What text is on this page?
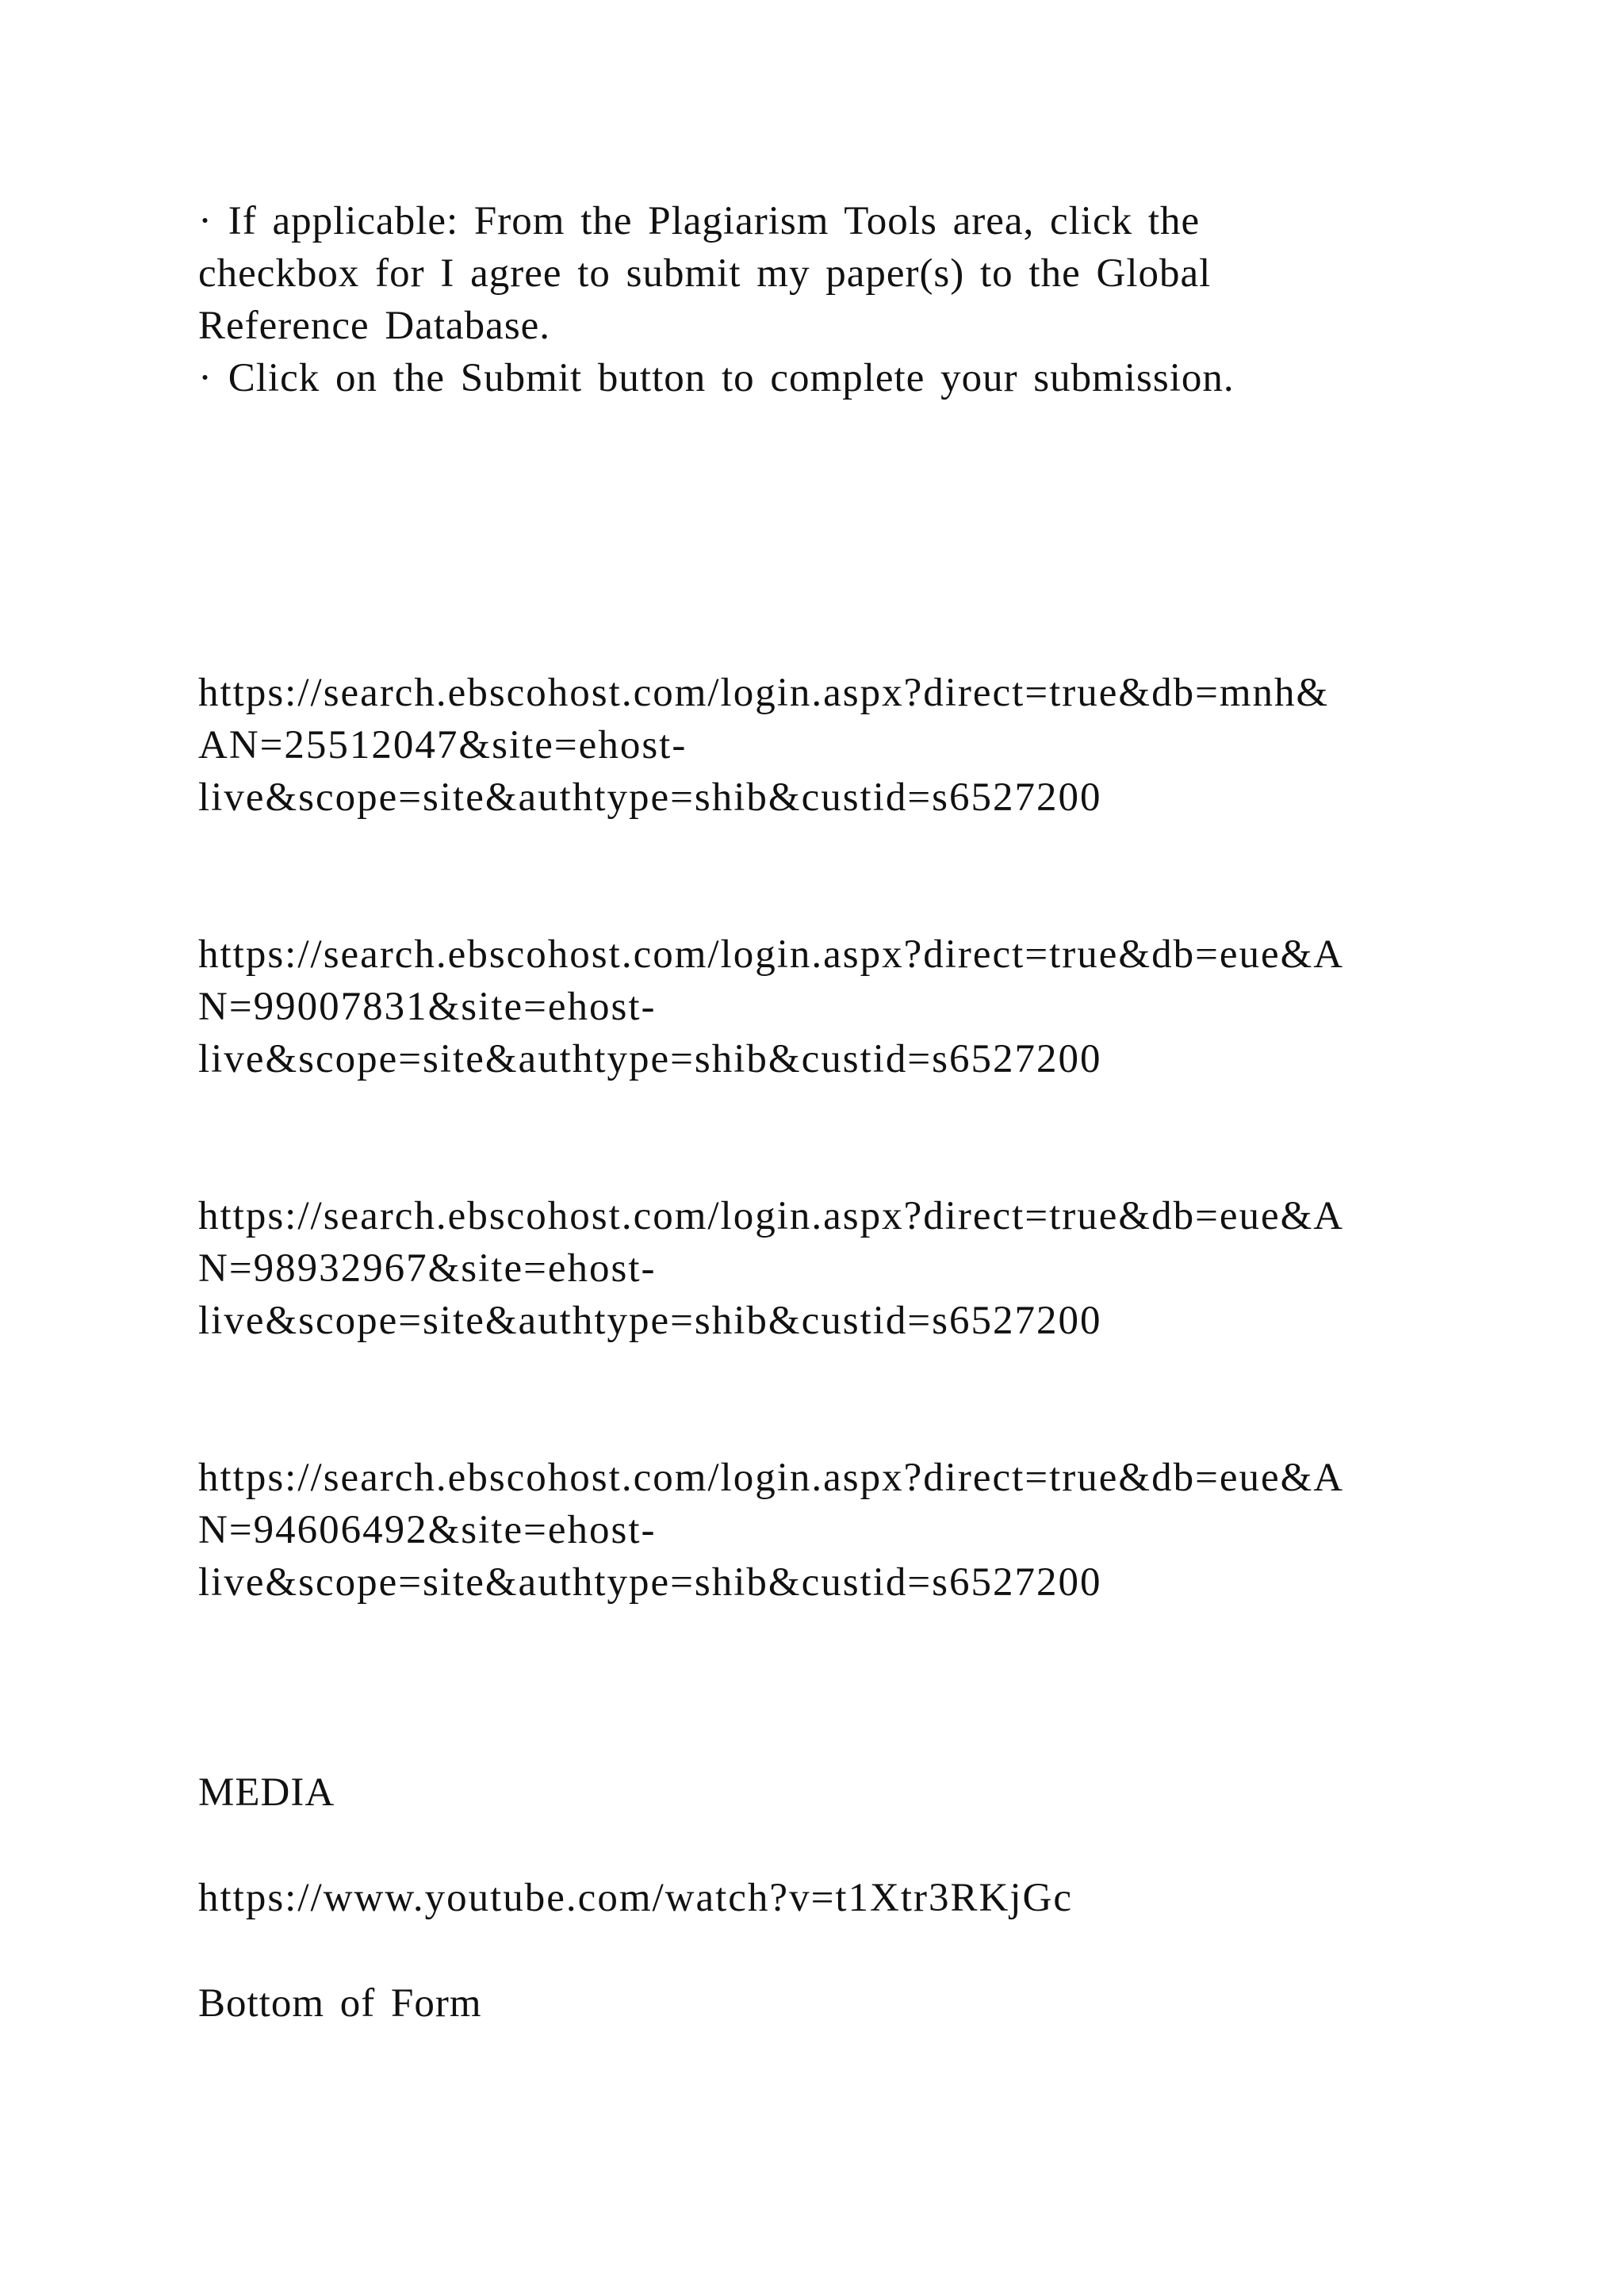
· If applicable: From the Plagiarism Tools area, click the
checkbox for I agree to submit my paper(s) to the Global
Reference Database.
· Click on the Submit button to complete your submission.
https://search.ebscohost.com/login.aspx?direct=true&db=mnh&
AN=25512047&site=ehost-
live&scope=site&authtype=shib&custid=s6527200
https://search.ebscohost.com/login.aspx?direct=true&db=eue&A
N=99007831&site=ehost-
live&scope=site&authtype=shib&custid=s6527200
https://search.ebscohost.com/login.aspx?direct=true&db=eue&A
N=98932967&site=ehost-
live&scope=site&authtype=shib&custid=s6527200
https://search.ebscohost.com/login.aspx?direct=true&db=eue&A
N=94606492&site=ehost-
live&scope=site&authtype=shib&custid=s6527200
MEDIA
https://www.youtube.com/watch?v=t1Xtr3RKjGc
Bottom of Form
